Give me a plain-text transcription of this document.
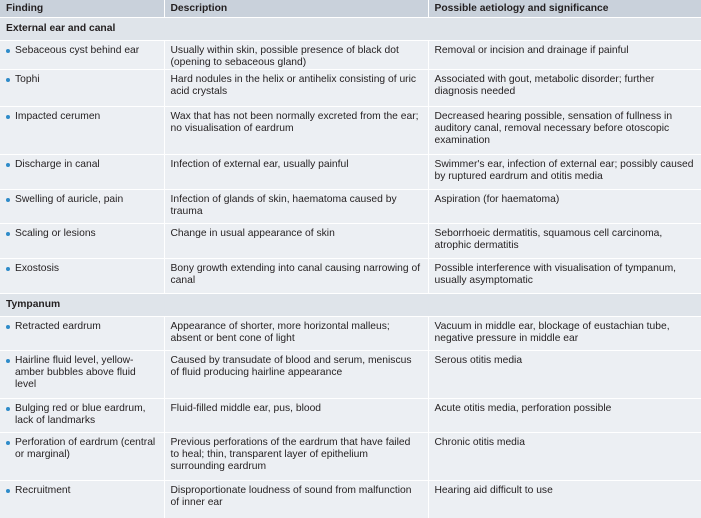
Finding	Description	Possible aetiology and significance
External ear and canal		

Sebaceous cyst behind ear	Usually within skin, possible presence of black dot (opening to sebaceous gland)	Removal or incision and drainage if painful

Tophi	Hard nodules in the helix or antihelix consisting of uric acid crystals	Associated with gout, metabolic disorder; further diagnosis needed

Impacted cerumen	Wax that has not been normally excreted from the ear; no visualisation of eardrum	Decreased hearing possible, sensation of fullness in auditory canal, removal necessary before otoscopic examination

Discharge in canal	Infection of external ear, usually painful	Swimmer's ear, infection of external ear; possibly caused by ruptured eardrum and otitis media

Swelling of auricle, pain	Infection of glands of skin, haematoma caused by trauma	Aspiration (for haematoma)

Scaling or lesions	Change in usual appearance of skin	Seborrhoeic dermatitis, squamous cell carcinoma, atrophic dermatitis

Exostosis	Bony growth extending into canal causing narrowing of canal	Possible interference with visualisation of tympanum, usually asymptomatic
Tympanum		

Retracted eardrum	Appearance of shorter, more horizontal malleus; absent or bent cone of light	Vacuum in middle ear, blockage of eustachian tube, negative pressure in middle ear

Hairline fluid level, yellow-amber bubbles above fluid level	Caused by transudate of blood and serum, meniscus of fluid producing hairline appearance	Serous otitis media

Bulging red or blue eardrum, lack of landmarks	Fluid-filled middle ear, pus, blood	Acute otitis media, perforation possible

Perforation of eardrum (central or marginal)	Previous perforations of the eardrum that have failed to heal; thin, transparent layer of epithelium surrounding eardrum	Chronic otitis media

Recruitment	Disproportionate loudness of sound from malfunction of inner ear	Hearing aid difficult to use
